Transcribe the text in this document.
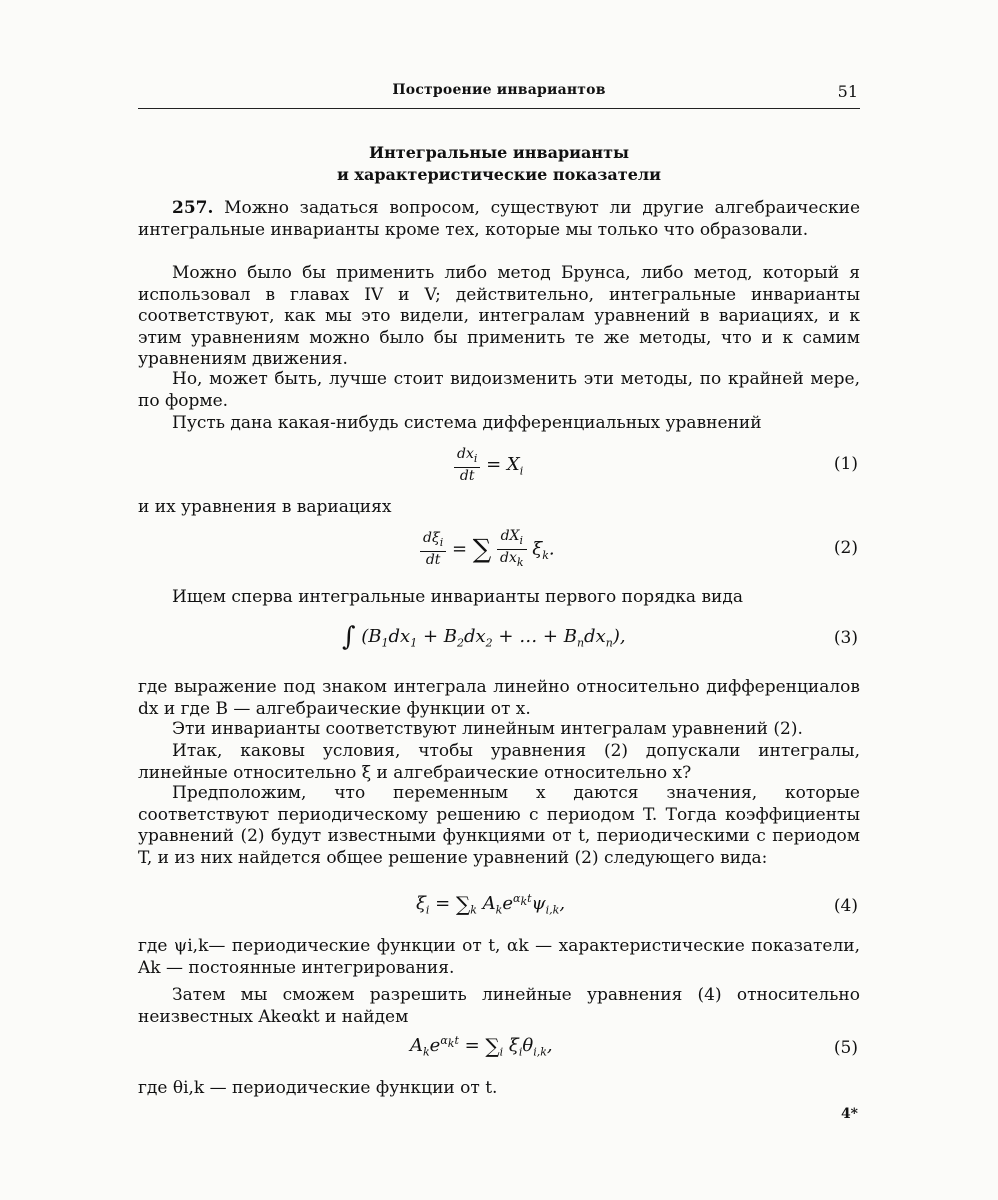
Построение инвариантов	51
Интегральные инварианты
и характеристические показатели

257. Можно задаться вопросом, существуют ли другие алгебраические интегральные инварианты кроме тех, которые мы только что образовали.

Можно было бы применить либо метод Брунса, либо метод, который я использовал в главах IV и V; действительно, интегральные инварианты соответствуют, как мы это видели, интегралам уравнений в вариациях, и к этим уравнениям можно было бы применить те же методы, что и к самим уравнениям движения.

Но, может быть, лучше стоит видоизменить эти методы, по крайней мере, по форме.

Пусть дана какая-нибудь система дифференциальных уравнений

$\frac{dx_i}{dt} = X_i$	(1)

и их уравнения в вариациях

$\frac{d\xi_i}{dt}$ = ∑ $\frac{dX_i}{dx_k} \xi_k$.	(2)

Ищем сперва интегральные инварианты первого порядка вида

∫ ($B_1dx_1 + B_2dx_2$ + … + $B_ndx_n$),	(3)

где выражение под знаком интеграла линейно относительно дифференциалов dx и где B — алгебраические функции от x.

Эти инварианты соответствуют линейным интегралам уравнений (2).

Итак, каковы условия, чтобы уравнения (2) допускали интегралы, линейные относительно ξ и алгебраические относительно x?

Предположим, что переменным x даются значения, которые соответствуют периодическому решению с периодом T. Тогда коэффициенты уравнений (2) будут известными функциями от t, периодическими с периодом T, и из них найдется общее решение уравнений (2) следующего вида:

$\xi_i = \sum_k$ $A_ke^{\alpha_kt}\psi_{i,k}$,	(4)

где ψi,k— периодические функции от t, αk — характеристические показатели, Ak — постоянные интегрирования.

Затем мы сможем разрешить линейные уравнения (4) относительно неизвестных Akeαkt и найдем

$A_ke^{\alpha_kt} = \sum_i$ $\xi_i\theta_{i,k}$,	(5)

где θi,k — периодические функции от t.

4*
